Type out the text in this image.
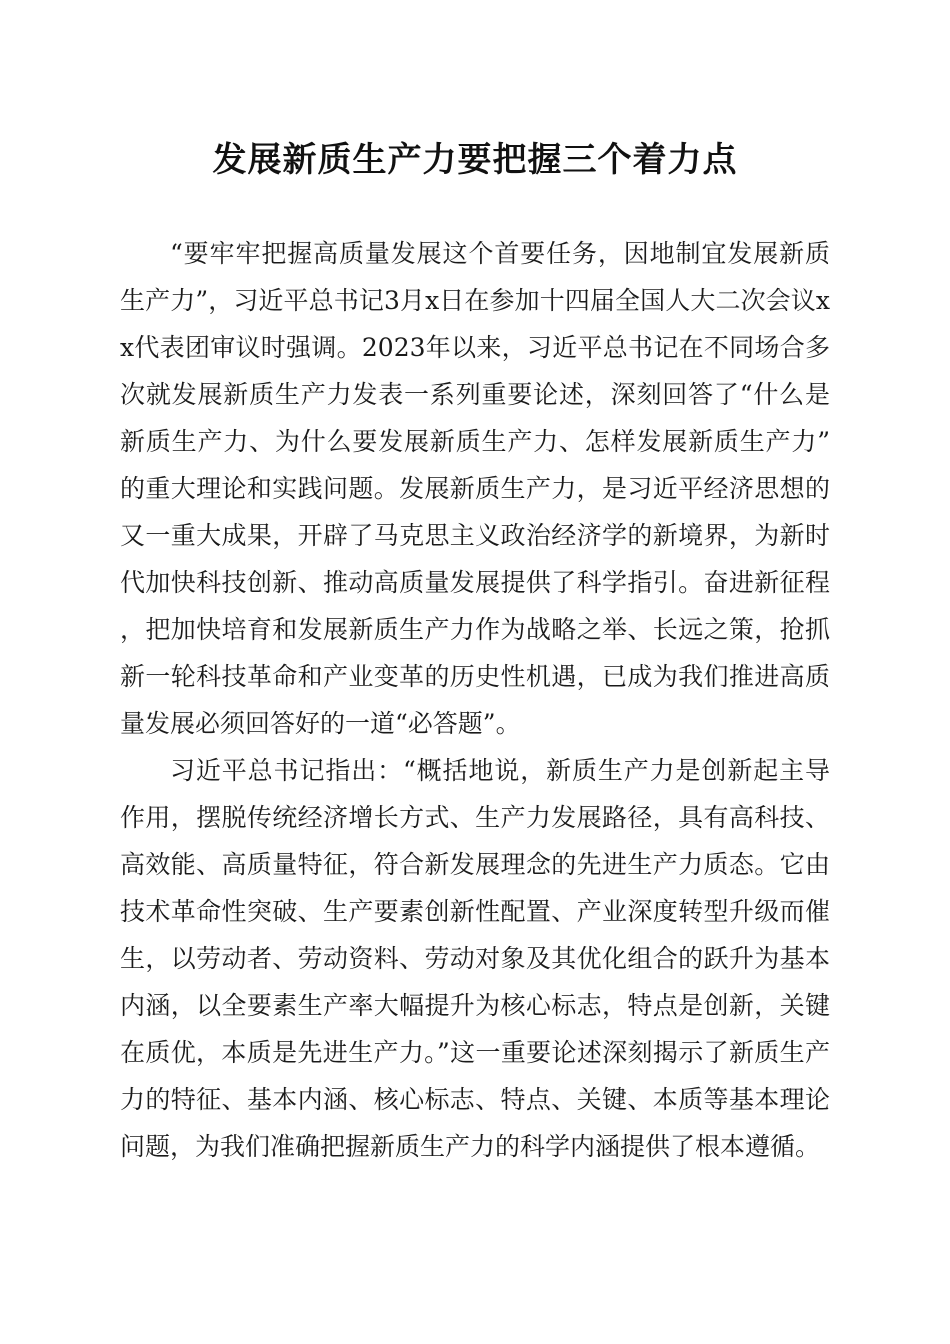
发展新质生产力要把握三个着力点

“要牢牢把握高质量发展这个首要任务，因地制宜发展新质生产力”，习近平总书记3月x日在参加十四届全国人大二次会议xx代表团审议时强调。2023年以来，习近平总书记在不同场合多次就发展新质生产力发表一系列重要论述，深刻回答了“什么是新质生产力、为什么要发展新质生产力、怎样发展新质生产力”的重大理论和实践问题。发展新质生产力，是习近平经济思想的又一重大成果，开辟了马克思主义政治经济学的新境界，为新时代加快科技创新、推动高质量发展提供了科学指引。奋进新征程，把加快培育和发展新质生产力作为战略之举、长远之策，抢抓新一轮科技革命和产业变革的历史性机遇，已成为我们推进高质量发展必须回答好的一道“必答题”。

习近平总书记指出：“概括地说，新质生产力是创新起主导作用，摆脱传统经济增长方式、生产力发展路径，具有高科技、高效能、高质量特征，符合新发展理念的先进生产力质态。它由技术革命性突破、生产要素创新性配置、产业深度转型升级而催生，以劳动者、劳动资料、劳动对象及其优化组合的跃升为基本内涵，以全要素生产率大幅提升为核心标志，特点是创新，关键在质优，本质是先进生产力。”这一重要论述深刻揭示了新质生产力的特征、基本内涵、核心标志、特点、关键、本质等基本理论问题，为我们准确把握新质生产力的科学内涵提供了根本遵循。
